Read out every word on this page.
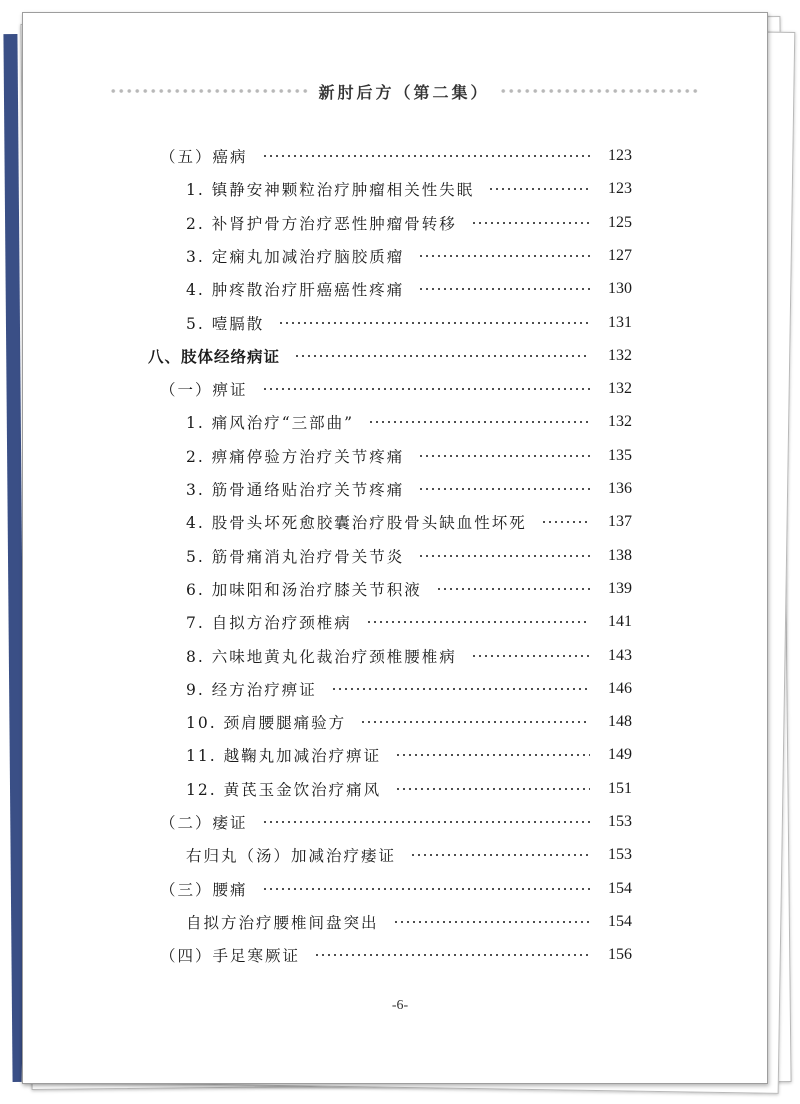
新肘后方（第二集）
（五）癌病	123
1. 镇静安神颗粒治疗肿瘤相关性失眠	123
2. 补肾护骨方治疗恶性肿瘤骨转移	125
3. 定痫丸加减治疗脑胶质瘤	127
4. 肿疼散治疗肝癌癌性疼痛	130
5. 噎膈散	131
八、肢体经络病证	132
（一）痹证	132
1. 痛风治疗“三部曲”	132
2. 痹痛停验方治疗关节疼痛	135
3. 筋骨通络贴治疗关节疼痛	136
4. 股骨头坏死愈胶囊治疗股骨头缺血性坏死	137
5. 筋骨痛消丸治疗骨关节炎	138
6. 加味阳和汤治疗膝关节积液	139
7. 自拟方治疗颈椎病	141
8. 六味地黄丸化裁治疗颈椎腰椎病	143
9. 经方治疗痹证	146
10. 颈肩腰腿痛验方	148
11. 越鞠丸加减治疗痹证	149
12. 黄芪玉金饮治疗痛风	151
（二）痿证	153
右归丸（汤）加减治疗痿证	153
（三）腰痛	154
自拟方治疗腰椎间盘突出	154
（四）手足寒厥证	156
-6-
